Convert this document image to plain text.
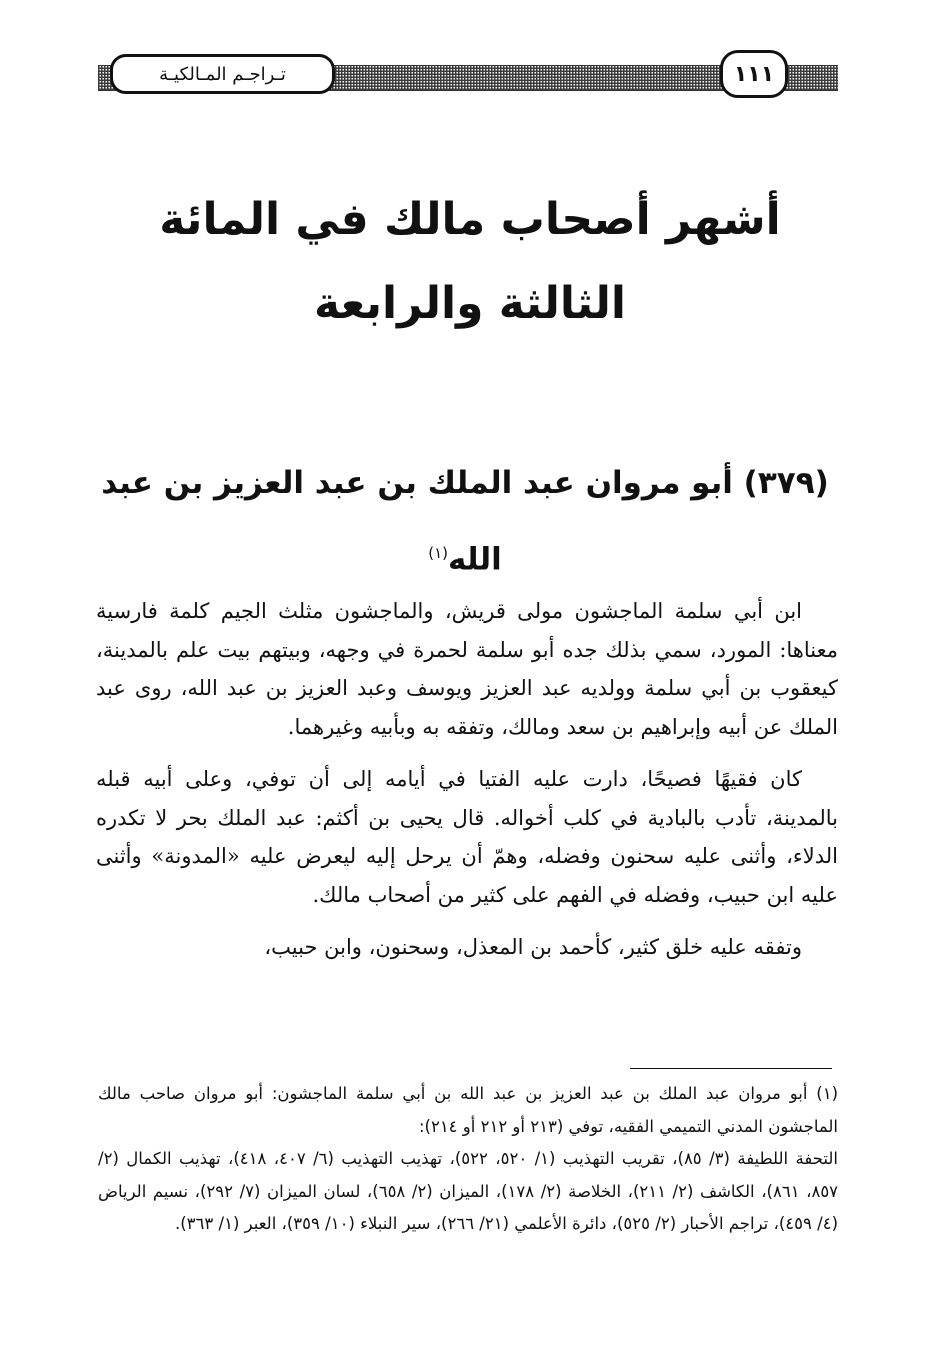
تـراجـم المـالكيـة	١١١
أشهر أصحاب مالك في المائة الثالثة والرابعة
(٣٧٩) أبو مروان عبد الملك بن عبد العزيز بن عبد الله$^{(١)}$

ابن أبي سلمة الماجشون مولى قريش، والماجشون مثلث الجيم كلمة فارسية معناها: المورد، سمي بذلك جده أبو سلمة لحمرة في وجهه، وبيتهم بيت علم بالمدينة، كيعقوب بن أبي سلمة وولديه عبد العزيز ويوسف وعبد العزيز بن عبد الله، روى عبد الملك عن أبيه وإبراهيم بن سعد ومالك، وتفقه به وبأبيه وغيرهما.

كان فقيهًا فصيحًا، دارت عليه الفتيا في أيامه إلى أن توفي، وعلى أبيه قبله بالمدينة، تأدب بالبادية في كلب أخواله. قال يحيى بن أكثم: عبد الملك بحر لا تكدره الدلاء، وأثنى عليه سحنون وفضله، وهمّ أن يرحل إليه ليعرض عليه «المدونة» وأثنى عليه ابن حبيب، وفضله في الفهم على كثير من أصحاب مالك.

وتفقه عليه خلق كثير، كأحمد بن المعذل، وسحنون، وابن حبيب،

(١) أبو مروان عبد الملك بن عبد العزيز بن عبد الله بن أبي سلمة الماجشون: أبو مروان صاحب مالك الماجشون المدني التميمي الفقيه، توفي (٢١٣ أو ٢١٢ أو ٢١٤):

التحفة اللطيفة (٣/ ٨٥)، تقريب التهذيب (١/ ٥٢٠، ٥٢٢)، تهذيب التهذيب (٦/ ٤٠٧، ٤١٨)، تهذيب الكمال (٢/ ٨٥٧، ٨٦١)، الكاشف (٢/ ٢١١)، الخلاصة (٢/ ١٧٨)، الميزان (٢/ ٦٥٨)، لسان الميزان (٧/ ٢٩٢)، نسيم الرياض (٤/ ٤٥٩)، تراجم الأحبار (٢/ ٥٢٥)، دائرة الأعلمي (٢١/ ٢٦٦)، سير النبلاء (١٠/ ٣٥٩)، العبر (١/ ٣٦٣).
